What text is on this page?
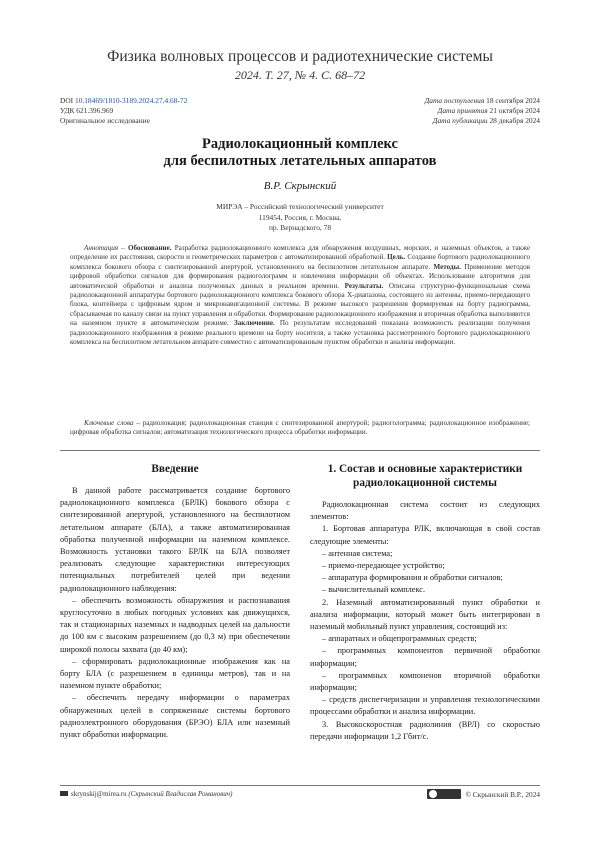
Физика волновых процессов и радиотехнические системы
2024. Т. 27, № 4. С. 68–72
DOI 10.18469/1810-3189.2024.27.4.68-72
УДК 621.396.969
Оригинальное исследование
Дата поступления 18 сентября 2024
Дата принятия 21 октября 2024
Дата публикации 28 декабря 2024
Радиолокационный комплекс
для беспилотных летательных аппаратов
В.Р. Скрынский
МИРЭА – Российский технологический университет
119454, Россия, г. Москва,
пр. Вернадского, 78

Аннотация – Обоснование. Разработка радиолокационного комплекса для обнаружения воздушных, морских, и наземных объектов, а также определение их расстояния, скорости и геометрических параметров с автоматизированной обработкой. Цель. Создание бортового радиолокационного комплекса бокового обзора с синтезированной апертурой, установленного на беспилотном летательном аппарате. Методы. Применение методов цифровой обработки сигналов для формирования радиоголограмм и извлечения информации об объектах. Использование алгоритмов для автоматической обработки и анализа полученных данных в реальном времени. Результаты. Описана структурно-функциональная схема радиолокационной аппаратуры бортового радиолокационного комплекса бокового обзора X-диапазона, состоящего из антенны, приемо-передающего блока, контейнера с цифровым ядром и микронавигационной системы. В режиме высокого разрешения формируемая на борту радиограмма, сбрасываемая по каналу связи на пункт управления и обработки. Формирование радиолокационного изображения и вторичная обработка выполняются на наземном пункте в автоматическом режиме. Заключение. По результатам исследований показана возможность реализации получения радиолокационного изображения в режиме реального времени на борту носителя, а также установка рассмотренного бортового радиолокационного комплекса на беспилотном летательном аппарате совместно с автоматизированным пунктом обработки и анализа информации.

Ключевые слова – радиолокация; радиолокационная станция с синтезированной апертурой; радиоголограмма; радиолокационное изображение; цифровая обработка сигналов; автоматизация технологического процесса обработки информации.

Введение

В данной работе рассматривается создание бортового радиолокационного комплекса (БРЛК) бокового обзора с синтезированной апертурой, установленного на беспилотном летательном аппарате (БЛА), а также автоматизированная обработка полученной информации на наземном комплексе. Возможность установки такого БРЛК на БЛА позволяет реализовать следующие характеристики интересующих потенциальных потребителей целей при ведении радиолокационного наблюдения:

– обеспечить возможность обнаружения и распознавания круглосуточно в любых погодных условиях как движущихся, так и стационарных наземных и надводных целей на дальности до 100 км с высоким разрешением (до 0,3 м) при обеспечении широкой полосы захвата (до 40 км);

– сформировать радиолокационные изображения как на борту БЛА (с разрешением в единицы метров), так и на наземном пункте обработки;

– обеспечить передачу информации о параметрах обнаруженных целей в сопряженные системы бортового радиоэлектронного оборудования (БРЭО) БЛА или наземный пункт обработки информации.

1. Состав и основные характеристики
радиолокационной системы

Радиолокационная система состоит из следующих элементов:

1. Бортовая аппаратура РЛК, включающая в свой состав следующие элементы:

– антенная система;

– приемо-передающее устройство;

– аппаратура формирования и обработки сигналов;

– вычислительный комплекс.

2. Наземный автоматизированный пункт обработки и анализа информации, который может быть интегрирован в наземный мобильный пункт управления, состоящий из:

– аппаратных и общепрограммных средств;

– программных компонентов первичной обработки информации;

– программных компоненов вторичной обработки информации;

– средств диспетчеризации и управления технологическими процессами обработки и анализа информации.

3. Высокоскоростная радиолиния (ВРЛ) со скоростью передачи информации 1,2 Гбит/с.

skrynskij@mirea.ru (Скрынский Владислав Романович)	© Скрынский В.Р., 2024
